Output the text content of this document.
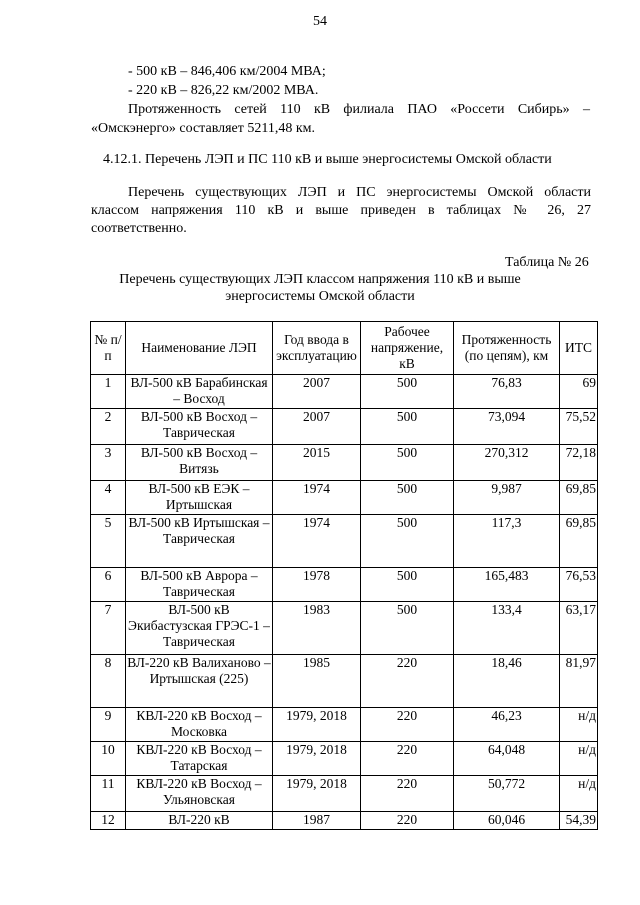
54
- 500 кВ – 846,406 км/2004 МВА;
- 220 кВ – 826,22 км/2002 МВА.
Протяженность сетей 110 кВ филиала ПАО «Россети Сибирь» –
«Омскэнерго» составляет 5211,48 км.
4.12.1. Перечень ЛЭП и ПС 110 кВ и выше энергосистемы Омской области
Перечень существующих ЛЭП и ПС энергосистемы Омской области
классом напряжения 110 кВ и выше приведен в таблицах № 26, 27
соответственно.
Таблица № 26
Перечень существующих ЛЭП классом напряжения 110 кВ и выше
энергосистемы Омской области
№ п/п	Наименование ЛЭП	Год ввода в эксплуатацию	Рабочее напряжение, кВ	Протяженность (по цепям), км	ИТС
1	ВЛ-500 кВ Барабинская – Восход	2007	500	76,83	69
2	ВЛ-500 кВ Восход – Таврическая	2007	500	73,094	75,52
3	ВЛ-500 кВ Восход – Витязь	2015	500	270,312	72,18
4	ВЛ-500 кВ ЕЭК – Иртышская	1974	500	9,987	69,85
5	ВЛ-500 кВ Иртышская – Таврическая	1974	500	117,3	69,85
6	ВЛ-500 кВ Аврора – Таврическая	1978	500	165,483	76,53
7	ВЛ-500 кВ Экибастузская ГРЭС-1 – Таврическая	1983	500	133,4	63,17
8	ВЛ-220 кВ Валиханово – Иртышская (225)	1985	220	18,46	81,97
9	КВЛ-220 кВ Восход – Московка	1979, 2018	220	46,23	н/д
10	КВЛ-220 кВ Восход – Татарская	1979, 2018	220	64,048	н/д
11	КВЛ-220 кВ Восход – Ульяновская	1979, 2018	220	50,772	н/д
12	ВЛ-220 кВ	1987	220	60,046	54,39
